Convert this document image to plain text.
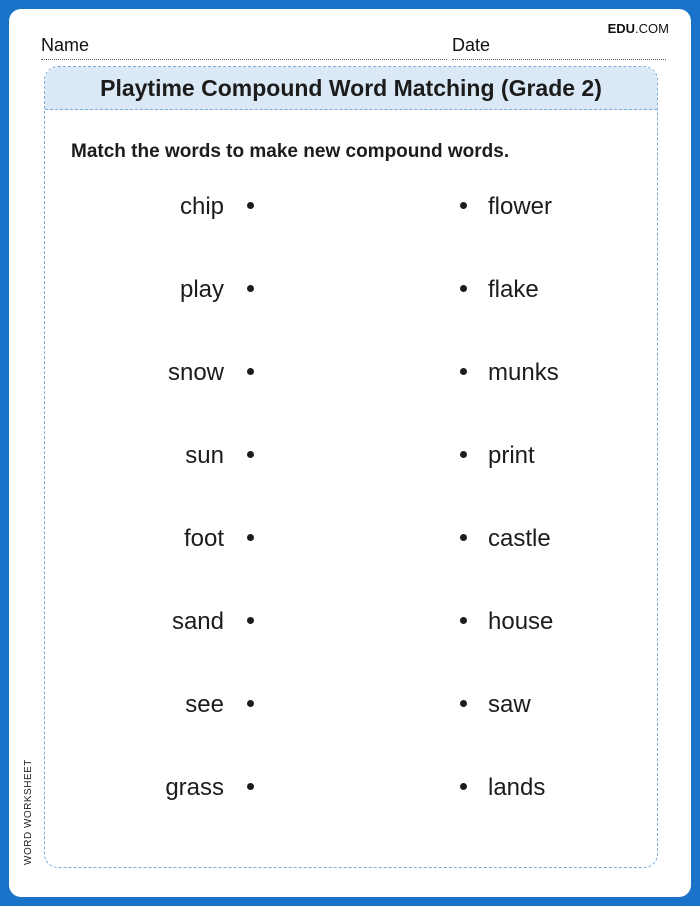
EDU.COM
Name	Date
Playtime Compound Word Matching (Grade 2)
Match the words to make new compound words.
chip	flower
play	flake
snow	munks
sun	print
foot	castle
sand	house
see	saw
grass	lands
WORD WORKSHEET
